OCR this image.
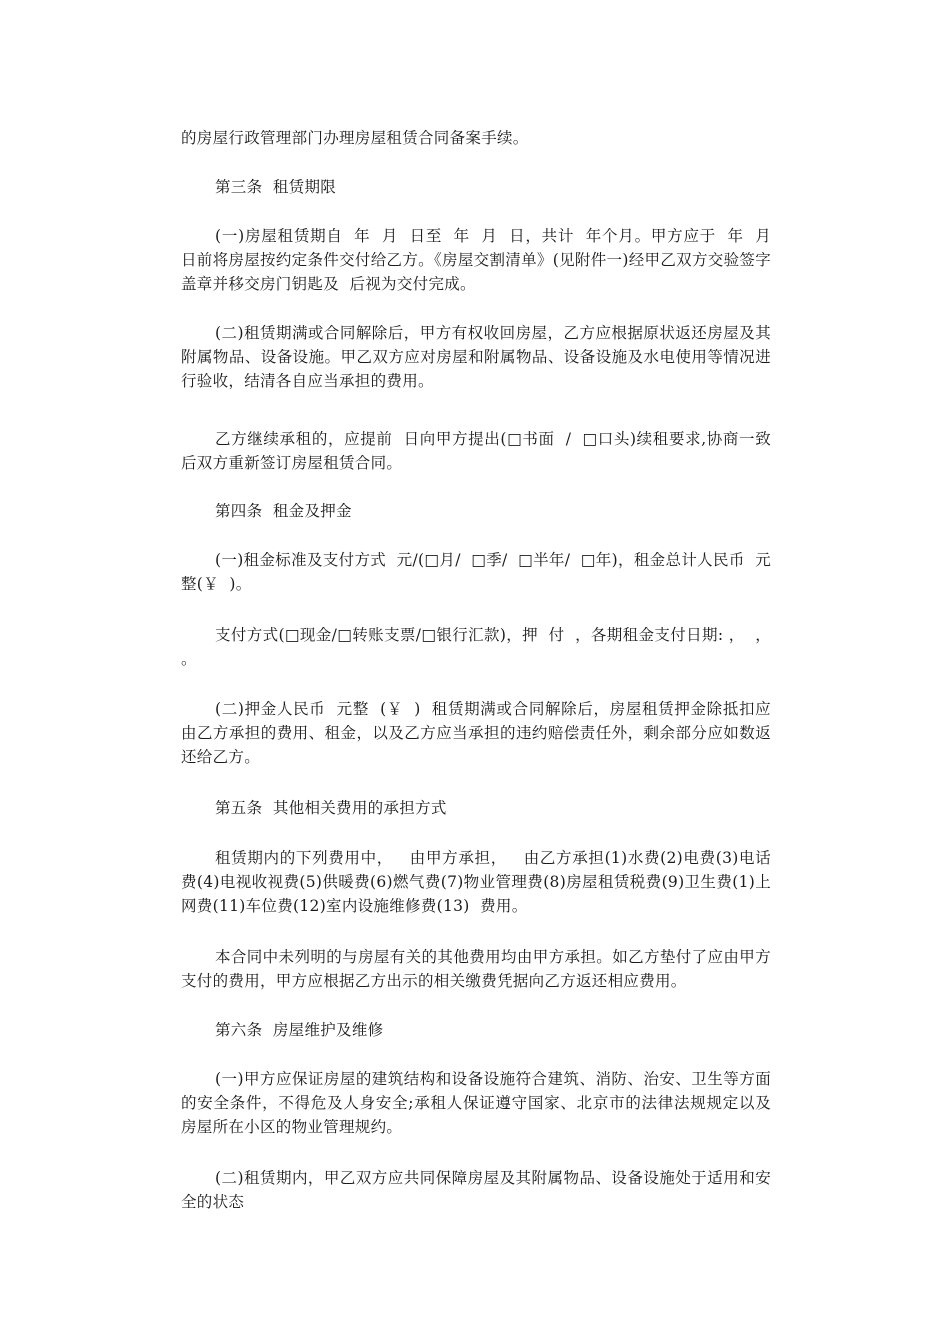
的房屋行政管理部门办理房屋租赁合同备案手续。

第三条  租赁期限

(一)房屋租赁期自  年  月  日至  年  月  日，共计  年个月。甲方应于  年  月  日前将房屋按约定条件交付给乙方。《房屋交割清单》(见附件一)经甲乙双方交验签字盖章并移交房门钥匙及  后视为交付完成。

(二)租赁期满或合同解除后，甲方有权收回房屋，乙方应根据原状返还房屋及其附属物品、设备设施。甲乙双方应对房屋和附属物品、设备设施及水电使用等情况进行验收，结清各自应当承担的费用。

乙方继续承租的，应提前  日向甲方提出(□书面  /  □口头)续租要求,协商一致后双方重新签订房屋租赁合同。

第四条  租金及押金

(一)租金标准及支付方式  元/(□月/  □季/  □半年/  □年)，租金总计人民币  元整(￥  )。

支付方式(□现金/□转账支票/□银行汇款)，押  付  ，各期租金支付日期: ，  ，  。

(二)押金人民币  元整  (￥  )  租赁期满或合同解除后，房屋租赁押金除抵扣应由乙方承担的费用、租金，以及乙方应当承担的违约赔偿责任外，剩余部分应如数返还给乙方。

第五条  其他相关费用的承担方式

租赁期内的下列费用中，   由甲方承担，   由乙方承担(1)水费(2)电费(3)电话费(4)电视收视费(5)供暖费(6)燃气费(7)物业管理费(8)房屋租赁税费(9)卫生费(1)上网费(11)车位费(12)室内设施维修费(13)  费用。

本合同中未列明的与房屋有关的其他费用均由甲方承担。如乙方垫付了应由甲方支付的费用，甲方应根据乙方出示的相关缴费凭据向乙方返还相应费用。

第六条  房屋维护及维修

(一)甲方应保证房屋的建筑结构和设备设施符合建筑、消防、治安、卫生等方面的安全条件，不得危及人身安全;承租人保证遵守国家、北京市的法律法规规定以及房屋所在小区的物业管理规约。

(二)租赁期内，甲乙双方应共同保障房屋及其附属物品、设备设施处于适用和安全的状态
